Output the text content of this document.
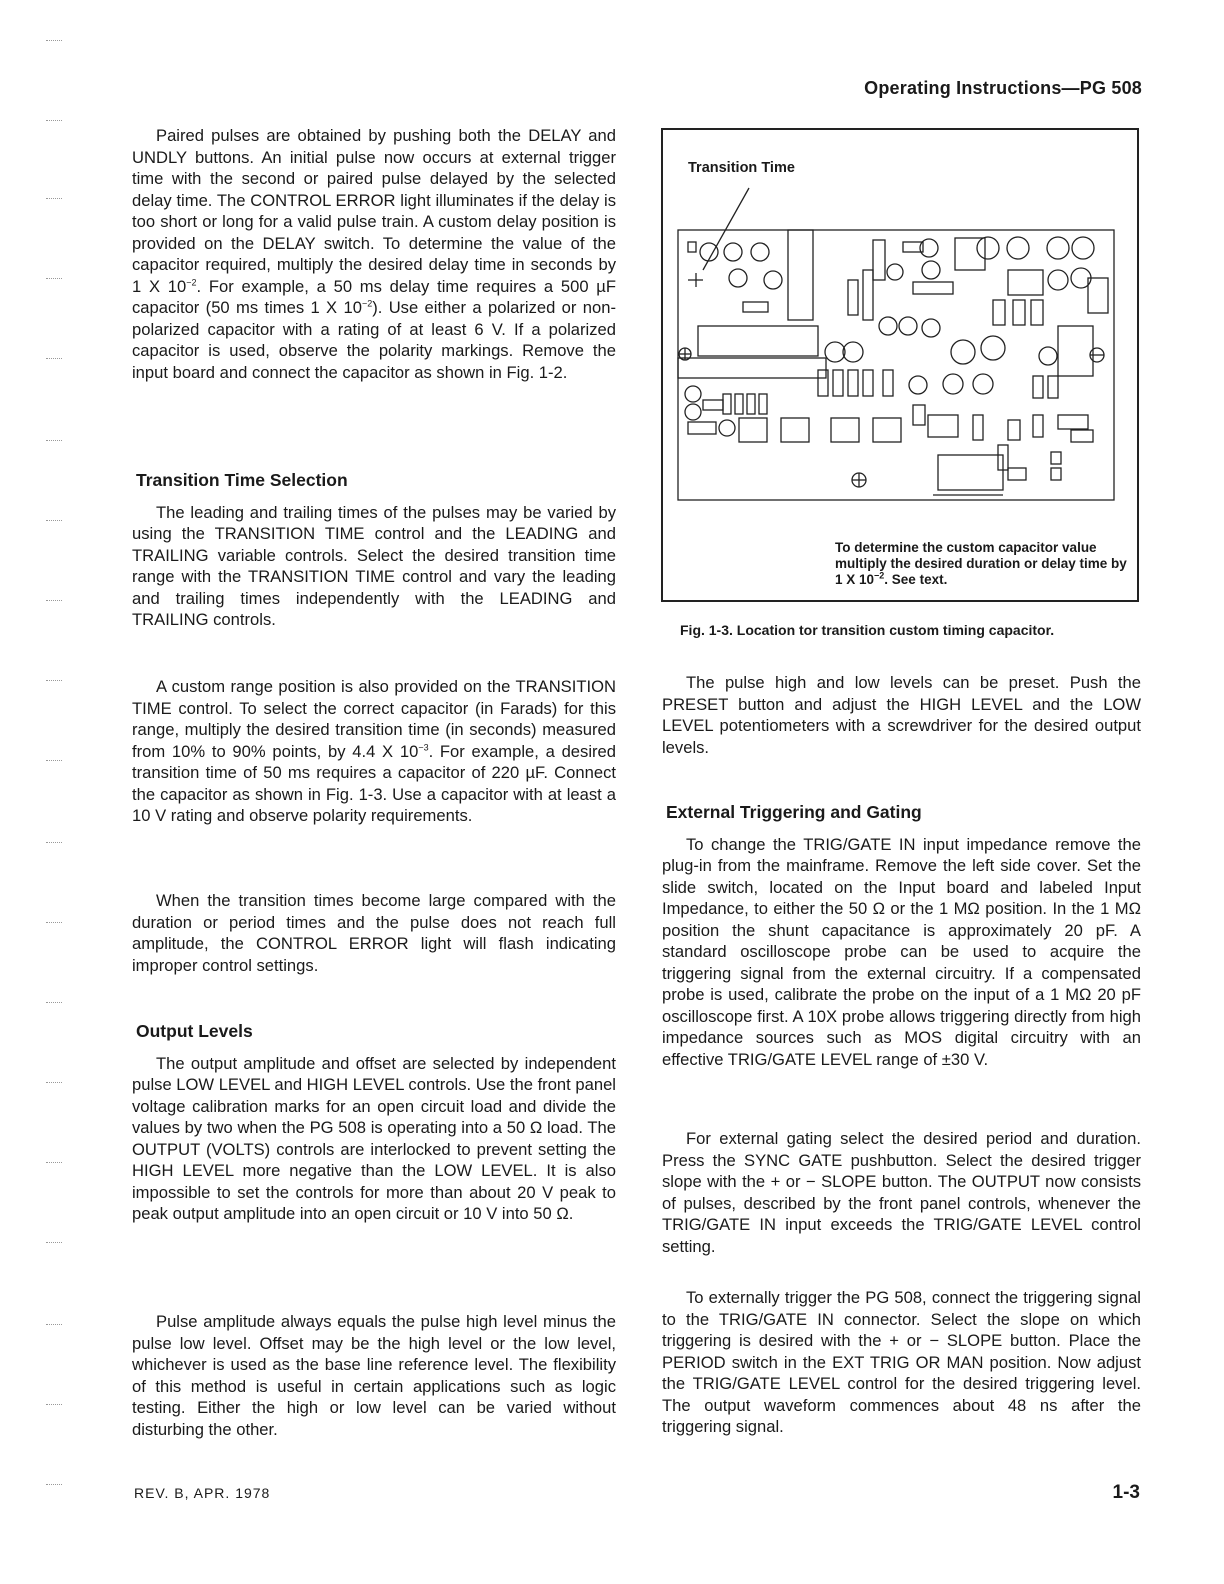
Operating Instructions—PG 508

Paired pulses are obtained by pushing both the DELAY and UNDLY buttons. An initial pulse now occurs at external trigger time with the second or paired pulse delayed by the selected delay time. The CONTROL ERROR light illuminates if the delay is too short or long for a valid pulse train. A custom delay position is provided on the DELAY switch. To determine the value of the capacitor required, multiply the desired delay time in seconds by 1 X $10^{-2}$. For example, a 50 ms delay time requires a 500 µF capacitor (50 ms times 1 X $10^{-2}$). Use either a polarized or non-polarized capacitor with a rating of at least 6 V. If a polarized capacitor is used, observe the polarity markings. Remove the input board and connect the capacitor as shown in Fig. 1-2.

Transition Time Selection

The leading and trailing times of the pulses may be varied by using the TRANSITION TIME control and the LEADING and TRAILING variable controls. Select the desired transition time range with the TRANSITION TIME control and vary the leading and trailing times independently with the LEADING and TRAILING controls.

A custom range position is also provided on the TRANSITION TIME control. To select the correct capacitor (in Farads) for this range, multiply the desired transition time (in seconds) measured from 10% to 90% points, by 4.4 X $10^{-3}$. For example, a desired transition time of 50 ms requires a capacitor of 220 µF. Connect the capacitor as shown in Fig. 1-3. Use a capacitor with at least a 10 V rating and observe polarity requirements.

When the transition times become large compared with the duration or period times and the pulse does not reach full amplitude, the CONTROL ERROR light will flash indicating improper control settings.

Output Levels

The output amplitude and offset are selected by independent pulse LOW LEVEL and HIGH LEVEL controls. Use the front panel voltage calibration marks for an open circuit load and divide the values by two when the PG 508 is operating into a 50 Ω load. The OUTPUT (VOLTS) controls are interlocked to prevent setting the HIGH LEVEL more negative than the LOW LEVEL. It is also impossible to set the controls for more than about 20 V peak to peak output amplitude into an open circuit or 10 V into 50 Ω.

Pulse amplitude always equals the pulse high level minus the pulse low level. Offset may be the high level or the low level, whichever is used as the base line reference level. The flexibility of this method is useful in certain applications such as logic testing. Either the high or low level can be varied without disturbing the other.

Transition Time
To determine the custom capacitor value multiply the desired duration or delay time by 1 X $10^{-2}$. See text.
Fig. 1-3. Location tor transition custom timing capacitor.

The pulse high and low levels can be preset. Push the PRESET button and adjust the HIGH LEVEL and the LOW LEVEL potentiometers with a screwdriver for the desired output levels.

External Triggering and Gating

To change the TRIG/GATE IN input impedance remove the plug-in from the mainframe. Remove the left side cover. Set the slide switch, located on the Input board and labeled Input Impedance, to either the 50 Ω or the 1 MΩ position. In the 1 MΩ position the shunt capacitance is approximately 20 pF. A standard oscilloscope probe can be used to acquire the triggering signal from the external circuitry. If a compensated probe is used, calibrate the probe on the input of a 1 MΩ 20 pF oscilloscope first. A 10X probe allows triggering directly from high impedance sources such as MOS digital circuitry with an effective TRIG/GATE LEVEL range of ±30 V.

For external gating select the desired period and duration. Press the SYNC GATE pushbutton. Select the desired trigger slope with the + or − SLOPE button. The OUTPUT now consists of pulses, described by the front panel controls, whenever the TRIG/GATE IN input exceeds the TRIG/GATE LEVEL control setting.

To externally trigger the PG 508, connect the triggering signal to the TRIG/GATE IN connector. Select the slope on which triggering is desired with the + or − SLOPE button. Place the PERIOD switch in the EXT TRIG OR MAN position. Now adjust the TRIG/GATE LEVEL control for the desired triggering level. The output waveform commences about 48 ns after the triggering signal.

REV. B, APR. 1978	1-3
